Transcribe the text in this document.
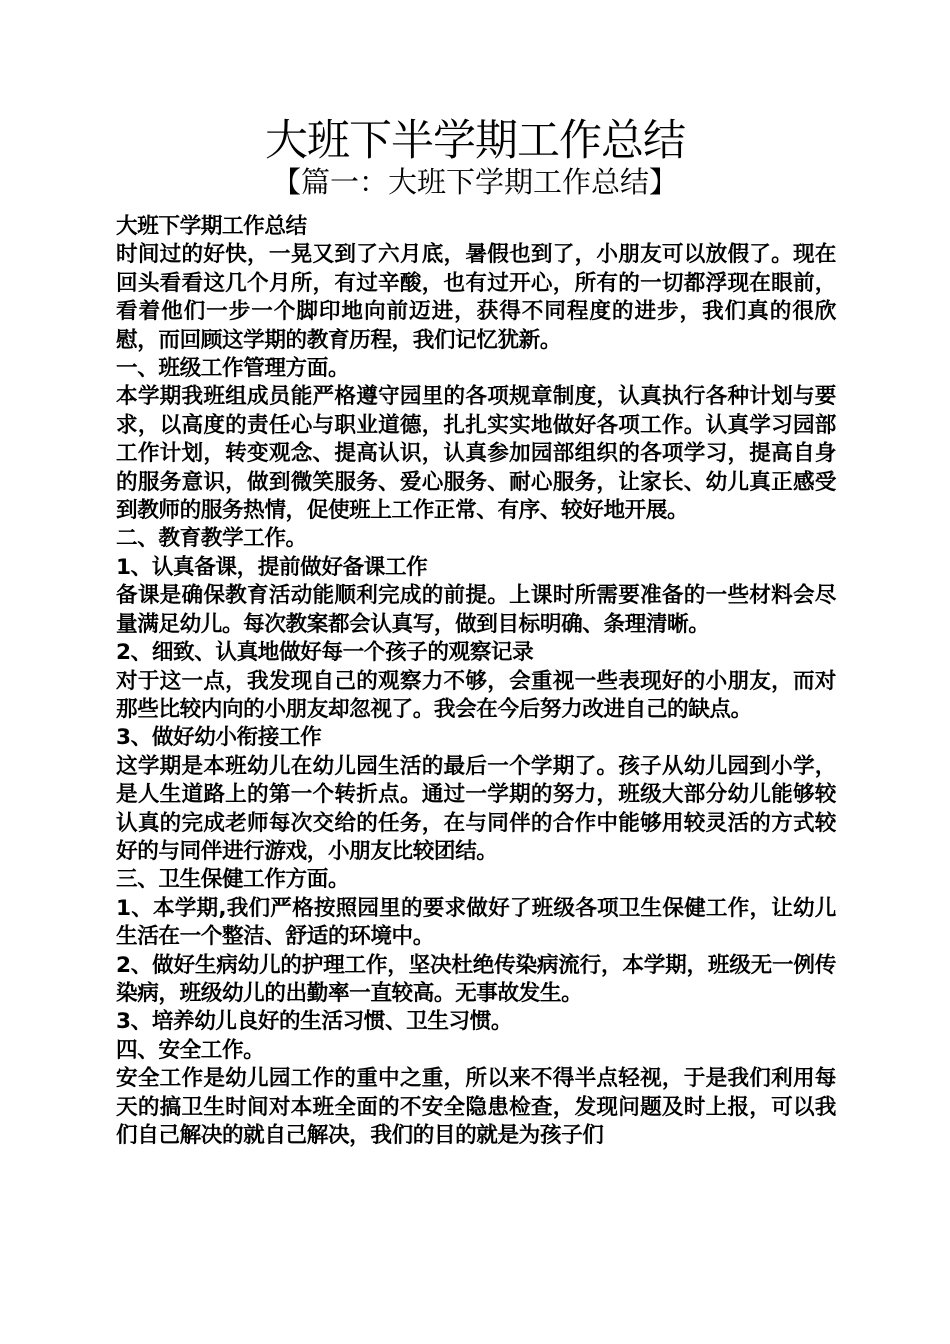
大班下半学期工作总结
【篇一：大班下学期工作总结】

大班下学期工作总结

时间过的好快，一晃又到了六月底，暑假也到了，小朋友可以放假了。现在回头看看这几个月所，有过辛酸，也有过开心，所有的一切都浮现在眼前，看着他们一步一个脚印地向前迈进，获得不同程度的进步，我们真的很欣慰，而回顾这学期的教育历程，我们记忆犹新。

一、班级工作管理方面。

本学期我班组成员能严格遵守园里的各项规章制度，认真执行各种计划与要求，以高度的责任心与职业道德，扎扎实实地做好各项工作。认真学习园部工作计划，转变观念、提高认识，认真参加园部组织的各项学习，提高自身的服务意识，做到微笑服务、爱心服务、耐心服务，让家长、幼儿真正感受到教师的服务热情，促使班上工作正常、有序、较好地开展。

二、教育教学工作。

1、认真备课，提前做好备课工作

备课是确保教育活动能顺利完成的前提。上课时所需要准备的一些材料会尽量满足幼儿。每次教案都会认真写，做到目标明确、条理清晰。

2、细致、认真地做好每一个孩子的观察记录

对于这一点，我发现自己的观察力不够，会重视一些表现好的小朋友，而对那些比较内向的小朋友却忽视了。我会在今后努力改进自己的缺点。

3、做好幼小衔接工作

这学期是本班幼儿在幼儿园生活的最后一个学期了。孩子从幼儿园到小学，是人生道路上的第一个转折点。通过一学期的努力，班级大部分幼儿能够较认真的完成老师每次交给的任务，在与同伴的合作中能够用较灵活的方式较好的与同伴进行游戏，小朋友比较团结。

三、卫生保健工作方面。

1、本学期,我们严格按照园里的要求做好了班级各项卫生保健工作，让幼儿生活在一个整洁、舒适的环境中。

2、做好生病幼儿的护理工作，坚决杜绝传染病流行，本学期，班级无一例传染病，班级幼儿的出勤率一直较高。无事故发生。

3、培养幼儿良好的生活习惯、卫生习惯。

四、安全工作。

安全工作是幼儿园工作的重中之重，所以来不得半点轻视，于是我们利用每天的搞卫生时间对本班全面的不安全隐患检查，发现问题及时上报，可以我们自己解决的就自己解决，我们的目的就是为孩子们
